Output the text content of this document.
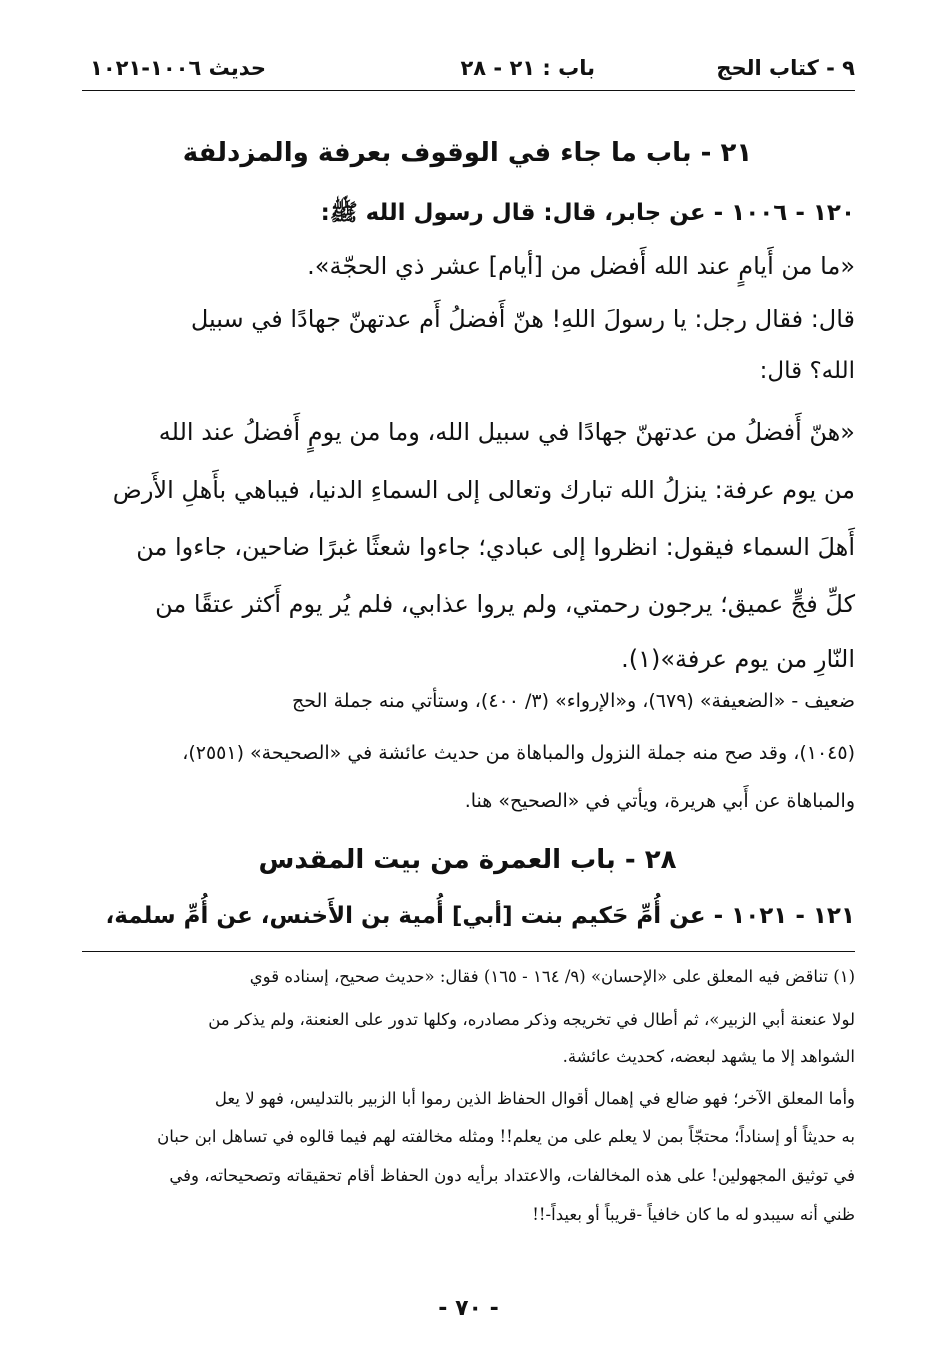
٩ - كتاب الحج
باب : ٢١ - ٢٨
حديث ١٠٠٦-١٠٢١
٢١ - باب ما جاء في الوقوف بعرفة والمزدلفة
١٢٠ - ١٠٠٦ - عن جابر، قال: قال رسول الله ﷺ:
«ما من أَيامٍ عند الله أَفضل من [أيام] عشر ذي الحجّة».
قال: فقال رجل: يا رسولَ اللهِ! هنّ أَفضلُ أَم عدتهنّ جهادًا في سبيل
الله؟ قال:
«هنّ أَفضلُ من عدتهنّ جهادًا في سبيل الله، وما من يومٍ أَفضلُ عند الله
من يوم عرفة: ينزلُ الله تبارك وتعالى إلى السماءِ الدنيا، فيباهي بأَهلِ الأَرض
أَهلَ السماء فيقول: انظروا إلى عبادي؛ جاءوا شعثًا غبرًا ضاحين، جاءوا من
كلِّ فجٍّ عميق؛ يرجون رحمتي، ولم يروا عذابي، فلم يُر يوم أَكثر عتقًا من
النّارِ من يوم عرفة»(١).
ضعيف - «الضعيفة» (٦٧٩)، و«الإرواء» (٣/ ٤٠٠)، وستأتي منه جملة الحج
(١٠٤٥)، وقد صح منه جملة النزول والمباهاة من حديث عائشة في «الصحيحة» (٢٥٥١)،
والمباهاة عن أَبي هريرة، ويأتي في «الصحيح» هنا.
٢٨ - باب العمرة من بيت المقدس
١٢١ - ١٠٢١ - عن أُمِّ حَكيم بنت [أبي] أُمية بن الأَخنس، عن أُمِّ سلمة،
(١) تناقض فيه المعلق على «الإحسان» (٩/ ١٦٤ - ١٦٥) فقال: «حديث صحيح، إسناده قوي
لولا عنعنة أبي الزبير»، ثم أطال في تخريجه وذكر مصادره، وكلها تدور على العنعنة، ولم يذكر من
الشواهد إلا ما يشهد لبعضه، كحديث عائشة.
وأما المعلق الآخر؛ فهو ضالع في إهمال أقوال الحفاظ الذين رموا أبا الزبير بالتدليس، فهو لا يعل
به حديثاً أو إسناداً؛ محتجّاً بمن لا يعلم على من يعلم!! ومثله مخالفته لهم فيما قالوه في تساهل ابن حبان
في توثيق المجهولين! على هذه المخالفات، والاعتداد برأيه دون الحفاظ أقام تحقيقاته وتصحيحاته، وفي
ظني أنه سيبدو له ما كان خافياً -قريباً أو بعيداً-!!
- ٧٠ -
